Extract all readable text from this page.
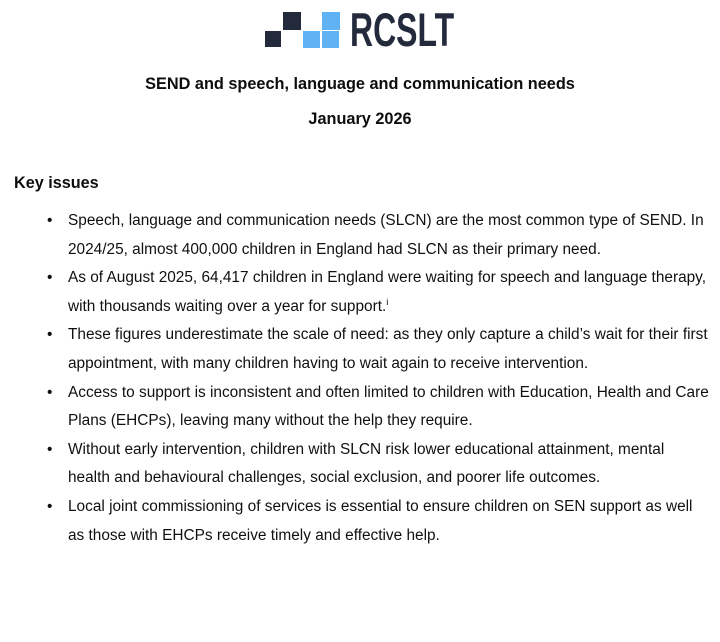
RCSLT
SEND and speech, language and communication needs
January 2026
Key issues
• Speech, language and communication needs (SLCN) are the most common type of SEND. In 2024/25, almost 400,000 children in England had SLCN as their primary need.
• As of August 2025, 64,417 children in England were waiting for speech and language therapy, with thousands waiting over a year for support.$^i$
• These figures underestimate the scale of need: as they only capture a child’s wait for their first appointment, with many children having to wait again to receive intervention.
• Access to support is inconsistent and often limited to children with Education, Health and Care Plans (EHCPs), leaving many without the help they require.
• Without early intervention, children with SLCN risk lower educational attainment, mental health and behavioural challenges, social exclusion, and poorer life outcomes.
• Local joint commissioning of services is essential to ensure children on SEN support as well as those with EHCPs receive timely and effective help.
